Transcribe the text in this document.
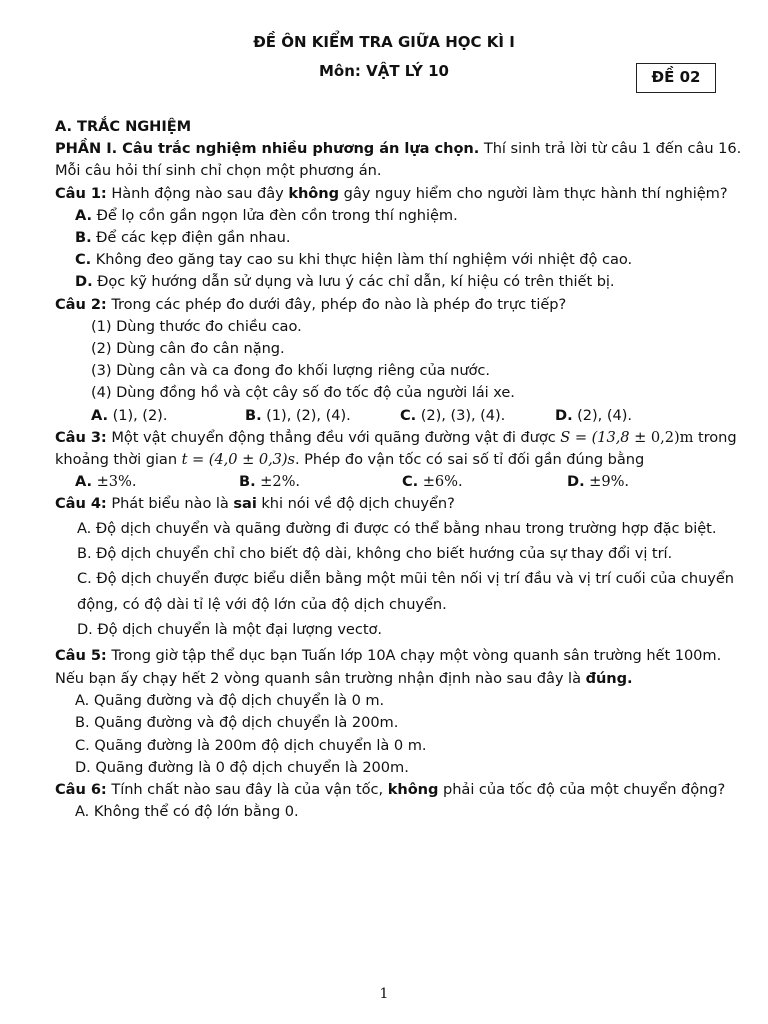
ĐỀ ÔN KIỂM TRA GIỮA HỌC KÌ I
Môn: VẬT LÝ 10	ĐỀ 02

A. TRẮC NGHIỆM

PHẦN I. Câu trắc nghiệm nhiều phương án lựa chọn. Thí sinh trả lời từ câu 1 đến câu 16. Mỗi câu hỏi thí sinh chỉ chọn một phương án.

Câu 1: Hành động nào sau đây không gây nguy hiểm cho người làm thực hành thí nghiệm?

A. Để lọ cồn gần ngọn lửa đèn cồn trong thí nghiệm.

B. Để các kẹp điện gần nhau.

C. Không đeo găng tay cao su khi thực hiện làm thí nghiệm với nhiệt độ cao.

D. Đọc kỹ hướng dẫn sử dụng và lưu ý các chỉ dẫn, kí hiệu có trên thiết bị.

Câu 2: Trong các phép đo dưới đây, phép đo nào là phép đo trực tiếp?

(1) Dùng thước đo chiều cao.

(2) Dùng cân đo cân nặng.

(3) Dùng cân và ca đong đo khối lượng riêng của nước.

(4) Dùng đồng hồ và cột cây số đo tốc độ của người lái xe.

A. (1), (2).	B. (1), (2), (4).	C. (2), (3), (4).	D. (2), (4).

Câu 3: Một vật chuyển động thẳng đều với quãng đường vật đi được S = (13,8 ± 0,2)m trong khoảng thời gian t = (4,0 ± 0,3)s. Phép đo vận tốc có sai số tỉ đối gần đúng bằng

A. ±3%.	B. ±2%.	C. ±6%.	D. ±9%.

Câu 4: Phát biểu nào là sai khi nói về độ dịch chuyển?

A. Độ dịch chuyển và quãng đường đi được có thể bằng nhau trong trường hợp đặc biệt.

B. Độ dịch chuyển chỉ cho biết độ dài, không cho biết hướng của sự thay đổi vị trí.

C. Độ dịch chuyển được biểu diễn bằng một mũi tên nối vị trí đầu và vị trí cuối của chuyển động, có độ dài tỉ lệ với độ lớn của độ dịch chuyển.

D. Độ dịch chuyển là một đại lượng vectơ.

Câu 5: Trong giờ tập thể dục bạn Tuấn lớp 10A chạy một vòng quanh sân trường hết 100m. Nếu bạn ấy chạy hết 2 vòng quanh sân trường nhận định nào sau đây là đúng.

A. Quãng đường và độ dịch chuyển là 0 m.

B. Quãng đường và độ dịch chuyển là 200m.

C. Quãng đường là 200m độ dịch chuyển là 0 m.

D. Quãng đường là 0 độ dịch chuyển là 200m.

Câu 6: Tính chất nào sau đây là của vận tốc, không phải của tốc độ của một chuyển động?

A. Không thể có độ lớn bằng 0.

1
